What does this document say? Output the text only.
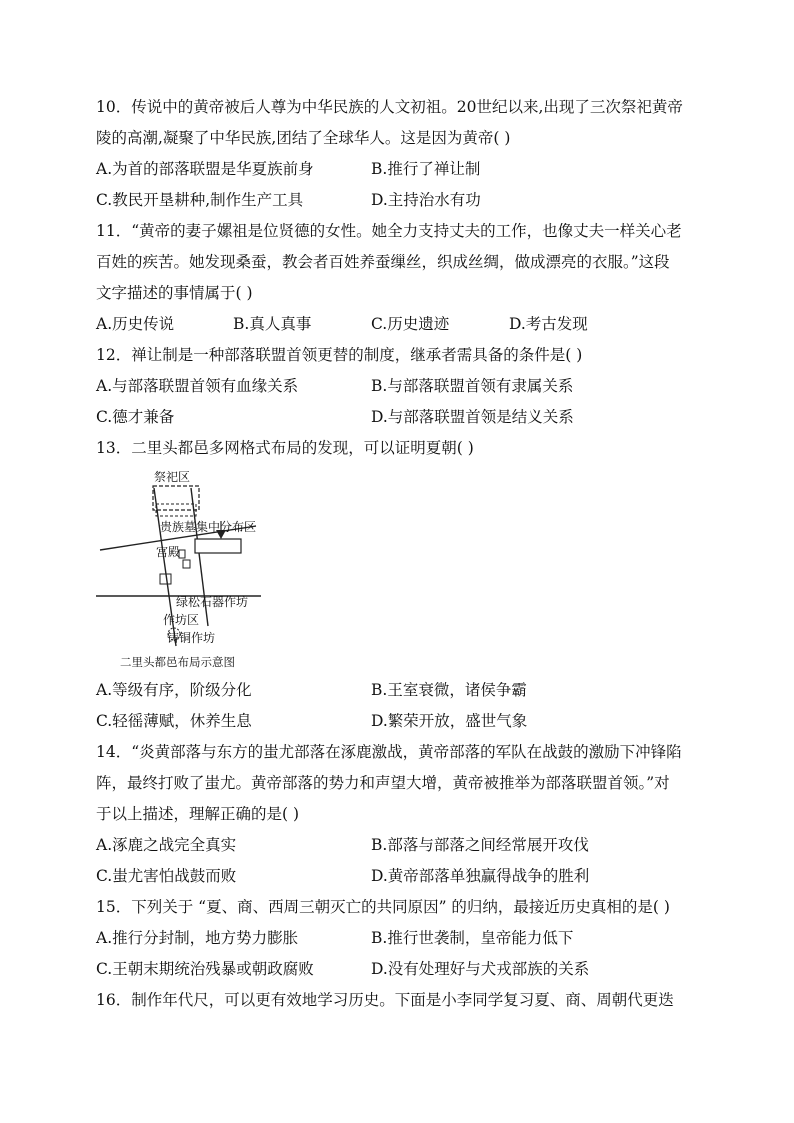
10．传说中的黄帝被后人尊为中华民族的人文初祖。20世纪以来,出现了三次祭祀黄帝
陵的高潮,凝聚了中华民族,团结了全球华人。这是因为黄帝( )
A.为首的部落联盟是华夏族前身	B.推行了禅让制
C.教民开垦耕种,制作生产工具	D.主持治水有功
11．“黄帝的妻子嫘祖是位贤德的女性。她全力支持丈夫的工作，也像丈夫一样关心老
百姓的疾苦。她发现桑蚕，教会者百姓养蚕缫丝，织成丝绸，做成漂亮的衣服。”这段
文字描述的事情属于( )
A.历史传说	B.真人真事	C.历史遗迹	D.考古发现
12．禅让制是一种部落联盟首领更替的制度，继承者需具备的条件是( )
A.与部落联盟首领有血缘关系	B.与部落联盟首领有隶属关系
C.德才兼备	D.与部落联盟首领是结义关系
13．二里头都邑多网格式布局的发现，可以证明夏朝( )
祭祀区
贵族墓集中分布区
宫殿
绿松石器作坊
作坊区
铸铜作坊
二里头都邑布局示意图
A.等级有序，阶级分化	B.王室衰微，诸侯争霸
C.轻徭薄赋，休养生息	D.繁荣开放，盛世气象
14．“炎黄部落与东方的蚩尤部落在涿鹿激战，黄帝部落的军队在战鼓的激励下冲锋陷
阵，最终打败了蚩尤。黄帝部落的势力和声望大增，黄帝被推举为部落联盟首领。”对
于以上描述，理解正确的是( )
A.涿鹿之战完全真实	B.部落与部落之间经常展开攻伐
C.蚩尤害怕战鼓而败	D.黄帝部落单独赢得战争的胜利
15．下列关于 “夏、商、西周三朝灭亡的共同原因” 的归纳，最接近历史真相的是( )
A.推行分封制，地方势力膨胀	B.推行世袭制，皇帝能力低下
C.王朝末期统治残暴或朝政腐败	D.没有处理好与犬戎部族的关系
16．制作年代尺，可以更有效地学习历史。下面是小李同学复习夏、商、周朝代更迭
